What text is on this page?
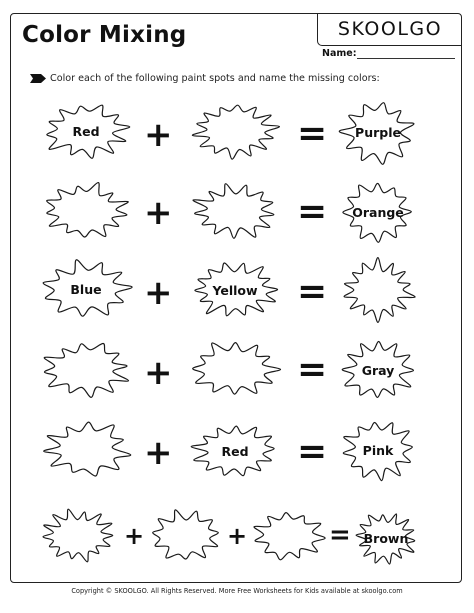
Color Mixing	SKOOLGO
Name:
Color each of the following paint spots and name the missing colors:
Red +	= Purple
+	= Orange
Blue +	Yellow =
+	=	Gray
+	Red =	Pink
+	+	= Brown
Copyright © SKOOLGO. All Rights Reserved. More Free Worksheets for Kids available at skoolgo.com
